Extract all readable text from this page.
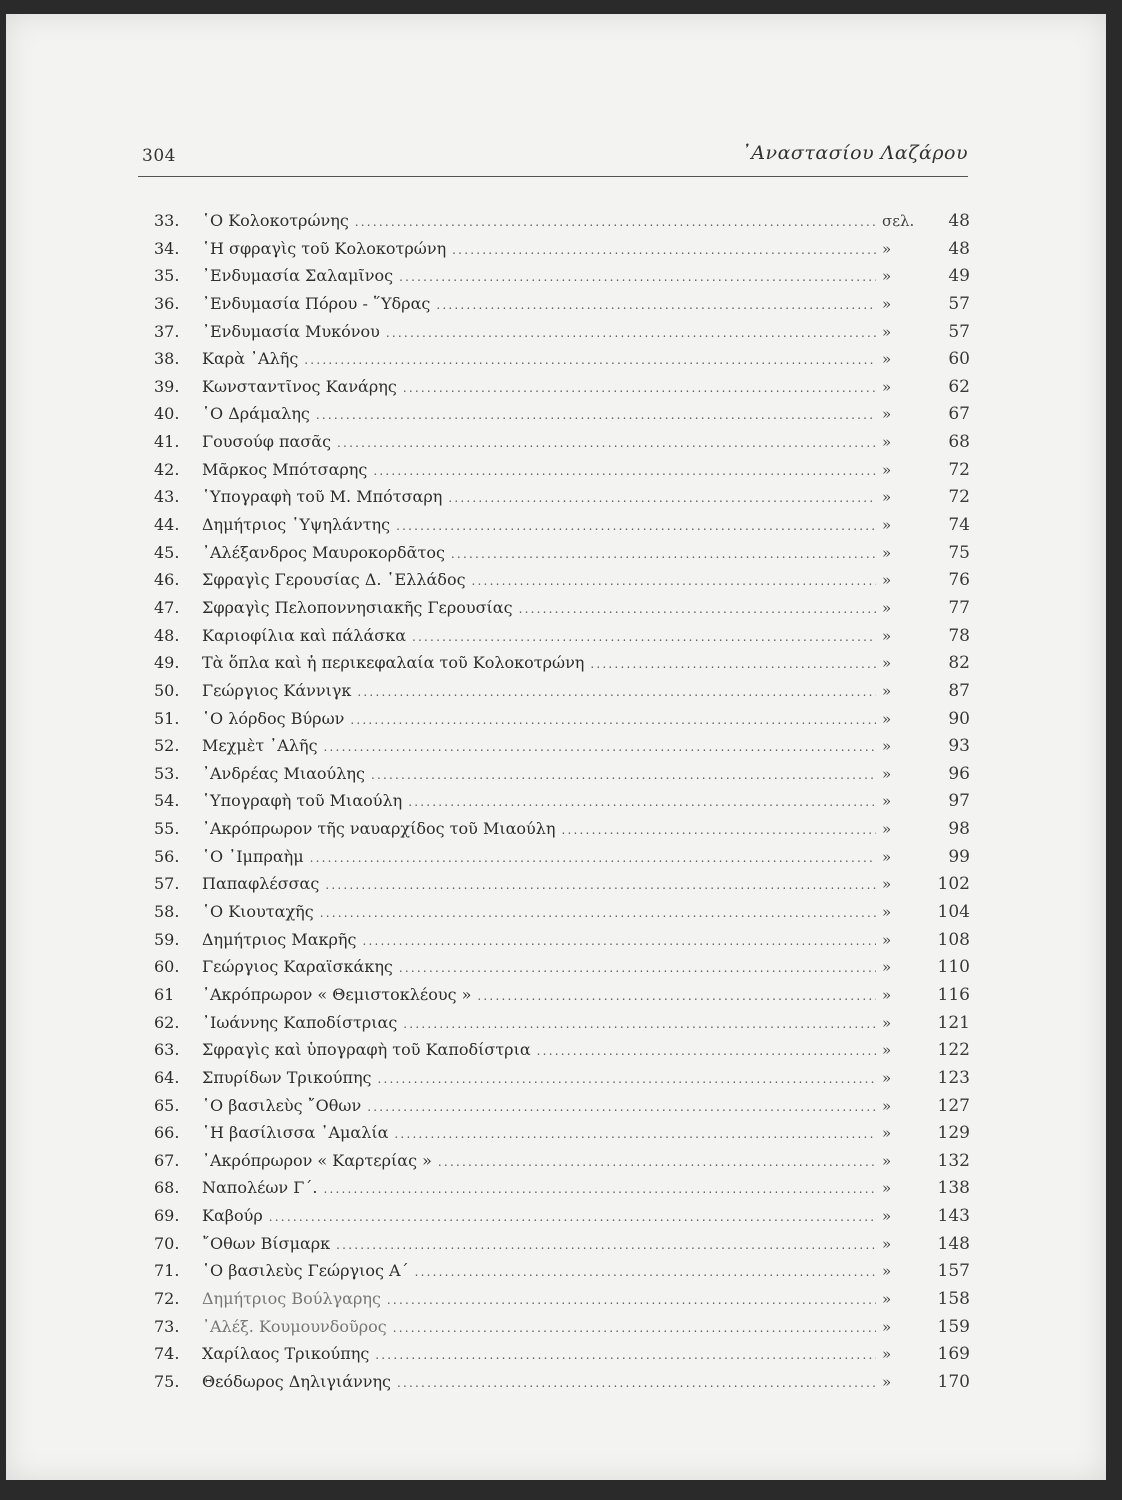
304	᾿Αναστασίου Λαζάρου
33.	῾Ο Κολοκοτρώνης .....	σελ.	48
34.	῾Η σφραγὶς τοῦ Κολοκοτρώνη .....	»	48
35.	᾿Ενδυμασία Σαλαμῖνος .....	»	49
36.	᾿Ενδυμασία Πόρου - ῞Υδρας .....	»	57
37.	᾿Ενδυμασία Μυκόνου .....	»	57
38.	Καρὰ ᾿Αλῆς .....	»	60
39.	Κωνσταντῖνος Κανάρης .....	»	62
40.	῾Ο Δράμαλης .....	»	67
41.	Γουσούφ πασᾶς .....	»	68
42.	Μᾶρκος Μπότσαρης .....	»	72
43.	῾Υπογραφὴ τοῦ Μ. Μπότσαρη .....	»	72
44.	Δημήτριος ῾Υψηλάντης .....	»	74
45.	᾿Αλέξανδρος Μαυροκορδᾶτος .....	»	75
46.	Σφραγὶς Γερουσίας Δ. ῾Ελλάδος .....	»	76
47.	Σφραγὶς Πελοποννησιακῆς Γερουσίας .....	»	77
48.	Καριοφίλια καὶ πάλάσκα .....	»	78
49.	Τὰ ὅπλα καὶ ἡ περικεφαλαία τοῦ Κολοκοτρώνη .....	»	82
50.	Γεώργιος Κάννιγκ .....	»	87
51.	῾Ο λόρδος Βύρων .....	»	90
52.	Μεχμὲτ ᾿Αλῆς .....	»	93
53.	᾿Ανδρέας Μιαούλης .....	»	96
54.	῾Υπογραφὴ τοῦ Μιαούλη .....	»	97
55.	᾿Ακρόπρωρον τῆς ναυαρχίδος τοῦ Μιαούλη .....	»	98
56.	῾Ο ᾿Ιμπραὴμ .....	»	99
57.	Παπαφλέσσας .....	»	102
58.	῾Ο Κιουταχῆς .....	»	104
59.	Δημήτριος Μακρῆς .....	»	108
60.	Γεώργιος Καραϊσκάκης .....	»	110
61	᾿Ακρόπρωρον « Θεμιστοκλέους » .....	»	116
62.	᾿Ιωάννης Καποδίστριας .....	»	121
63.	Σφραγὶς καὶ ὑπογραφὴ τοῦ Καποδίστρια .....	»	122
64.	Σπυρίδων Τρικούπης .....	»	123
65.	῾Ο βασιλεὺς ῎Οθων .....	»	127
66.	῾Η βασίλισσα ᾿Αμαλία .....	»	129
67.	᾿Ακρόπρωρον « Καρτερίας » .....	»	132
68.	Ναπολέων Γ΄. .....	»	138
69.	Καβούρ .....	»	143
70.	῎Οθων Βίσμαρκ .....	»	148
71.	῾Ο βασιλεὺς Γεώργιος Α΄ .....	»	157
72.	Δημήτριος Βούλγαρης .....	»	158
73.	᾿Αλέξ. Κουμουνδοῦρος .....	»	159
74.	Χαρίλαος Τρικούπης .....	»	169
75.	Θεόδωρος Δηλιγιάννης .....	»	170
